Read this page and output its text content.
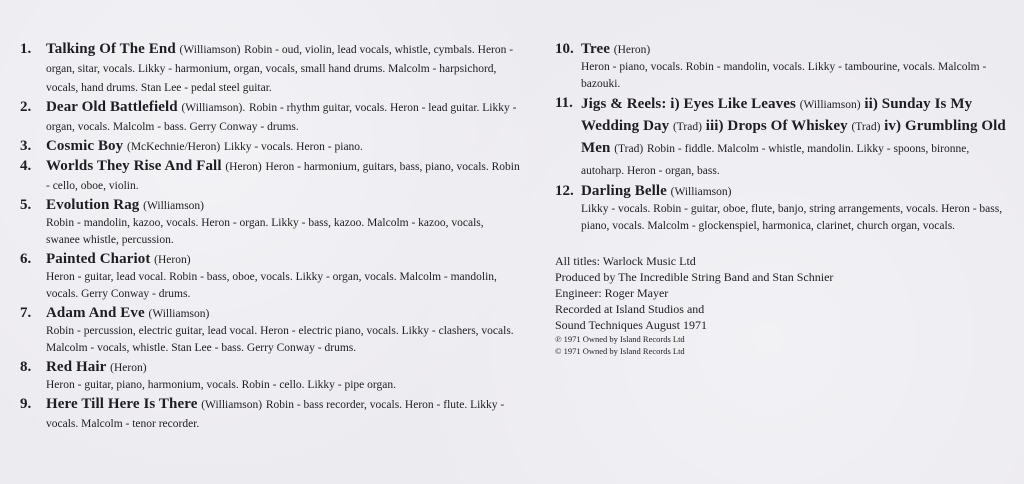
1. Talking Of The End (Williamson) Robin - oud, violin, lead vocals, whistle, cymbals. Heron - organ, sitar, vocals. Likky - harmonium, organ, vocals, small hand drums. Malcolm - harpsichord, vocals, hand drums. Stan Lee - pedal steel guitar.
2. Dear Old Battlefield (Williamson). Robin - rhythm guitar, vocals. Heron - lead guitar. Likky - organ, vocals. Malcolm - bass. Gerry Conway - drums.
3. Cosmic Boy (McKechnie/Heron) Likky - vocals. Heron - piano.
4. Worlds They Rise And Fall (Heron) Heron - harmonium, guitars, bass, piano, vocals. Robin - cello, oboe, violin.
5. Evolution Rag (Williamson)
Robin - mandolin, kazoo, vocals. Heron - organ. Likky - bass, kazoo. Malcolm - kazoo, vocals, swanee whistle, percussion.
6. Painted Chariot (Heron)
Heron - guitar, lead vocal. Robin - bass, oboe, vocals. Likky - organ, vocals. Malcolm - mandolin, vocals. Gerry Conway - drums.
7. Adam And Eve (Williamson)
Robin - percussion, electric guitar, lead vocal. Heron - electric piano, vocals. Likky - clashers, vocals. Malcolm - vocals, whistle. Stan Lee - bass. Gerry Conway - drums.
8. Red Hair (Heron)
Heron - guitar, piano, harmonium, vocals. Robin - cello. Likky - pipe organ.
9. Here Till Here Is There (Williamson) Robin - bass recorder, vocals. Heron - flute. Likky - vocals. Malcolm - tenor recorder.
10. Tree (Heron)
Heron - piano, vocals. Robin - mandolin, vocals. Likky - tambourine, vocals. Malcolm - bazouki.
11. Jigs & Reels: i) Eyes Like Leaves (Williamson) ii) Sunday Is My Wedding Day (Trad) iii) Drops Of Whiskey (Trad) iv) Grumbling Old Men (Trad) Robin - fiddle. Malcolm - whistle, mandolin. Likky - spoons, bironne, autoharp. Heron - organ, bass.
12. Darling Belle (Williamson)
Likky - vocals. Robin - guitar, oboe, flute, banjo, string arrangements, vocals. Heron - bass, piano, vocals. Malcolm - glockenspiel, harmonica, clarinet, church organ, vocals.
All titles: Warlock Music Ltd
Produced by The Incredible String Band and Stan Schnier
Engineer: Roger Mayer
Recorded at Island Studios and
Sound Techniques August 1971
℗ 1971 Owned by Island Records Ltd
© 1971 Owned by Island Records Ltd
